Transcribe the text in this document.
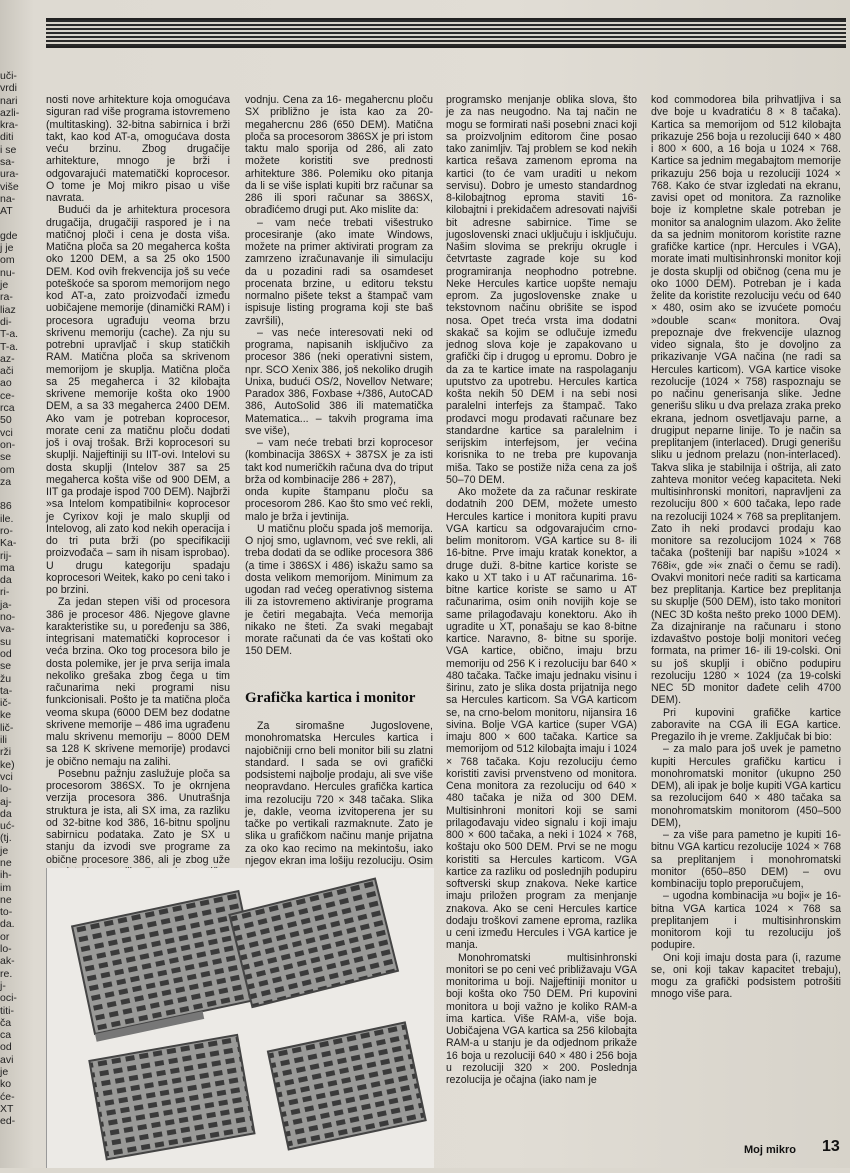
uči-
vrdi
nari
azli-
kra-
diti
i se
sa-
ura-
više
na-
AT

gde
j je
om
nu-
je
ra-
liaz
di-
T-a.
T-a.
az-
ači
ao
ce-
rca
50
vci
on-
se
om
za

86
ile.
ro-
Ka-
rij-
ma
da
ri-
ja-
no-
va-
su
od
se
žu
ta-
ič-
ke
lič-
ili
rži
ke)
vci
lo-
aj-
da
uć-
(tj.
je
ne
ih-
im
ne
to-
da.
or
lo-
ak-
re.
j-
oci-
titi-
ča
ca
od
avi
je
ko
će-
XT
ed-

nosti nove arhitekture koja omogućava siguran rad više programa istovremeno (multitasking). 32-bitna sabirnica i brži takt, kao kod AT-a, omogućava dosta veću brzinu. Zbog drugačije arhitekture, mnogo je brži i odgovarajući matematički koprocesor. O tome je Moj mikro pisao u više navrata.

Budući da je arhitektura procesora drugačija, drugačiji raspored je i na matičnoj ploči i cena je dosta viša. Matična ploča sa 20 megaherca košta oko 1200 DEM, a sa 25 oko 1500 DEM. Kod ovih frekvencija još su veće poteškoće sa sporom memorijom nego kod AT-a, zato proizvođači između uobičajene memorije (dinamički RAM) i procesora ugrađuju veoma brzu skrivenu memoriju (cache). Za nju su potrebni upravljač i skup statičkih RAM. Matična ploča sa skrivenom memorijom je skuplja. Matična ploča sa 25 megaherca i 32 kilobajta skrivene memorije košta oko 1900 DEM, a sa 33 megaherca 2400 DEM. Ako vam je potreban koprocesor, morate ceni za matičnu ploču dodati još i ovaj trošak. Brži koprocesori su skuplji. Najjeftiniji su IIT-ovi. Intelovi su dosta skuplji (Intelov 387 sa 25 megaherca košta više od 900 DEM, a IIT ga prodaje ispod 700 DEM). Najbrži »sa Intelom kompatibilni« koprocesor je Cyrixov koji je malo skuplji od Intelovog, ali zato kod nekih operacija i do tri puta brži (po specifikaciji proizvođača – sam ih nisam isprobao). U drugu kategoriju spadaju koprocesori Weitek, kako po ceni tako i po brzini.

Za jedan stepen viši od procesora 386 je procesor 486. Njegove glavne karakteristike su, u poređenju sa 386, integrisani matematički koprocesor i veća brzina. Oko tog procesora bilo je dosta polemike, jer je prva serija imala nekoliko grešaka zbog čega u tim računarima neki programi nisu funkcionisali. Pošto je ta matična ploča veoma skupa (6000 DEM bez dodatne skrivene memorije – 486 ima ugrađenu malu skrivenu memoriju – 8000 DEM sa 128 K skrivene memorije) prodavci je obično nemaju na zalihi.

Posebnu pažnju zaslužuje ploča sa procesorom 386SX. To je okrnjena verzija procesora 386. Unutrašnja struktura je ista, ali SX ima, za razliku od 32-bitne kod 386, 16-bitnu spoljnu sabirnicu podataka. Zato je SX u stanju da izvodi sve programe za obične procesore 386, ali je zbog uže

vodnju. Cena za 16- megahercnu ploču SX približno je ista kao za 20-megahercnu 286 (650 DEM). Matična ploča sa procesorom 386SX je pri istom taktu malo sporija od 286, ali zato možete koristiti sve prednosti arhitekture 386. Polemiku oko pitanja da li se više isplati kupiti brz računar sa 286 ili spori računar sa 386SX, obrađićemo drugi put. Ako mislite da:

– vam neće trebati višestruko procesiranje (ako imate Windows, možete na primer aktivirati program za zamrzeno izračunavanje ili simulaciju da u pozadini radi sa osamdeset procenata brzine, u editoru tekstu normalno pišete tekst a štampač vam ispisuje listing programa koji ste baš završili),

– vas neće interesovati neki od programa, napisanih isključivo za procesor 386 (neki operativni sistem, npr. SCO Xenix 386, još nekoliko drugih Unixa, budući OS/2, Novellov Netware; Paradox 386, Foxbase +/386, AutoCAD 386, AutoSolid 386 ili matematička Matematica... – takvih programa ima sve više),

– vam neće trebati brzi koprocesor (kombinacija 386SX + 387SX je za isti takt kod numeričkih računa dva do triput brža od kombinacije 286 + 287),

onda kupite štampanu ploču sa procesorom 286. Kao što smo već rekli, malo je brža i jevtinija.

U matičnu ploču spada još memorija. O njoj smo, uglavnom, već sve rekli, ali treba dodati da se odlike procesora 386 (a time i 386SX i 486) iskažu samo sa dosta velikom memorijom. Minimum za ugodan rad većeg operativnog sistema ili za istovremeno aktiviranje programa je četiri megabajta. Veća memorija nikako ne šteti. Za svaki megabajt morate računati da će vas koštati oko 150 DEM.

Grafička kartica i monitor

Za siromašne Jugoslovene, monohromatska Hercules kartica i najobičniji crno beli monitor bili su zlatni standard. I sada se ovi grafički podsistemi najbolje prodaju, ali sve više neopravdano. Hercules grafička kartica ima rezoluciju 720 × 348 tačaka. Slika je, dakle, veoma izvitoperena jer su tačke po vertikali razmaknute. Zato je slika u grafičkom načinu manje prijatna za oko kao recimo na mekintošu, iako njegov ekran ima lošiju rezoluciju. Osim

programsko menjanje oblika slova, što je za nas neugodno. Na taj način ne mogu se formirati naši posebni znaci koji sa proizvoljnim editorom čine posao tako zanimljiv. Taj problem se kod nekih kartica rešava zamenom eproma na kartici (to će vam uraditi u nekom servisu). Dobro je umesto standardnog 8-kilobajtnog eproma staviti 16- kilobajtni i prekidačem adresovati najviši bit adresne sabirnice. Time se jugoslovenski znaci uključuju i isključuju. Našim slovima se prekriju okrugle i četvrtaste zagrade koje su kod programiranja neophodno potrebne. Neke Hercules kartice uopšte nemaju eprom. Za jugoslovenske znake u tekstovnom načinu obrišite se ispod nosa. Opet treća vrsta ima dodatni skakač sa kojim se odlučuje između jednog slova koje je zapakovano u grafički čip i drugog u epromu. Dobro je da za te kartice imate na raspolaganju uputstvo za upotrebu. Hercules kartica košta nekih 50 DEM i na sebi nosi paralelni interfejs za štampač. Tako prodavci mogu prodavati računare bez standardne kartice sa paralelnim i serijskim interfejsom, jer većina korisnika to ne treba pre kupovanja miša. Tako se postiže niža cena za još 50–70 DEM.

Ako možete da za računar reskirate dodatnih 200 DEM, možete umesto Hercules kartice i monitora kupiti pravu VGA karticu sa odgovarajućim crno-belim monitorom. VGA kartice su 8- ili 16-bitne. Prve imaju kratak konektor, a druge duži. 8-bitne kartice koriste se kako u XT tako i u AT računarima. 16-bitne kartice koriste se samo u AT računarima, osim onih novijih koje se same prilagođavaju konektoru. Ako ih ugradite u XT, ponašaju se kao 8-bitne kartice. Naravno, 8- bitne su sporije. VGA kartice, obično, imaju brzu memoriju od 256 K i rezoluciju bar 640 × 480 tačaka. Tačke imaju jednaku visinu i širinu, zato je slika dosta prijatnija nego sa Hercules karticom. Sa VGA karticom se, na crno-belom monitoru, nijansira 16 sivina. Bolje VGA kartice (super VGA) imaju 800 × 600 tačaka. Kartice sa memorijom od 512 kilobajta imaju i 1024 × 768 tačaka. Koju rezoluciju ćemo koristiti zavisi prvenstveno od monitora. Cena monitora za rezoluciju od 640 × 480 tačaka je niža od 300 DEM. Multisinhroni monitori koji se sami prilagođavaju video signalu i koji imaju 800 × 600 tačaka, a neki i 1024 × 768, koštaju oko 500 DEM. Prvi se ne mogu koristiti sa Hercules karticom. VGA kartice za razliku od poslednjih podupiru softverski skup znakova. Neke kartice imaju priložen program za menjanje znakova. Ako se ceni Hercules kartice dodaju troškovi zamene eproma, razlika u ceni između Hercules i VGA kartice je manja.

Monohromatski multisinhronski monitori se po ceni već približavaju VGA monitorima u boji. Najjeftiniji monitor u boji košta oko 750 DEM. Pri kupovini monitora u boji važno je koliko RAM-a ima kartica. Više RAM-a, više boja. Uobičajena VGA kartica sa 256 kilobajta RAM-a u stanju je da odjednom prikaže 16 boja u rezoluciji 640 × 480 i 256 boja u rezoluciji 320 × 200. Poslednja rezolucija je očajna (iako nam je

kod commodorea bila prihvatljiva i sa dve boje u kvadratiću 8 × 8 tačaka). Kartica sa memorijom od 512 kilobajta prikazuje 256 boja u rezoluciji 640 × 480 i 800 × 600, a 16 boja u 1024 × 768. Kartice sa jednim megabajtom memorije prikazuju 256 boja u rezoluciji 1024 × 768. Kako će stvar izgledati na ekranu, zavisi opet od monitora. Za raznolike boje iz kompletne skale potreban je monitor sa analognim ulazom. Ako želite da sa jednim monitorom koristite razne grafičke kartice (npr. Hercules i VGA), morate imati multisinhronski monitor koji je dosta skuplji od običnog (cena mu je oko 1000 DEM). Potreban je i kada želite da koristite rezoluciju veću od 640 × 480, osim ako se izvućete pomoću »double scan« monitora. Ovaj prepoznaje dve frekvencije ulaznog video signala, što je dovoljno za prikazivanje VGA načina (ne radi sa Hercules karticom). VGA kartice visoke rezolucije (1024 × 758) raspoznaju se po načinu generisanja slike. Jedne generišu sliku u dva prelaza zraka preko ekrana, jednom osvetljavaju parne, a drugiput neparne linije. To je način sa preplitanjem (interlaced). Drugi generišu sliku u jednom prelazu (non-interlaced). Takva slika je stabilnija i oštrija, ali zato zahteva monitor većeg kapaciteta. Neki multisinhronski monitori, napravljeni za rezoluciju 800 × 600 tačaka, lepo rade na rezoluciji 1024 × 768 sa preplitanjem. Zato ih neki prodavci prodaju kao monitore sa rezolucijom 1024 × 768 tačaka (pošteniji bar napišu »1024 × 768i«, gde »i« znači o čemu se radi). Ovakvi monitori neće raditi sa karticama bez preplitanja. Kartice bez preplitanja su skuplje (500 DEM), isto tako monitori (NEC 3D košta nešto preko 1000 DEM). Za dizajniranje na računaru i stono izdavaštvo postoje bolji monitori većeg formata, na primer 16- ili 19-colski. Oni su još skuplji i obično podupiru rezoluciju 1280 × 1024 (za 19-colski NEC 5D monitor dađete celih 4700 DEM).

Pri kupovini grafičke kartice zaboravite na CGA ili EGA kartice. Pregazilo ih je vreme. Zaključak bi bio:

– za malo para još uvek je pametno kupiti Hercules grafičku karticu i monohromatski monitor (ukupno 250 DEM), ali ipak je bolje kupiti VGA karticu sa rezolucijom 640 × 480 tačaka sa monohromatskim monitorom (450–500 DEM),

– za više para pametno je kupiti 16-bitnu VGA karticu rezolucije 1024 × 768 sa preplitanjem i monohromatski monitor (650–850 DEM) – ovu kombinaciju toplo preporučujem,

– ugodna kombinacija »u boji« je 16-bitna VGA kartica 1024 × 768 sa preplitanjem i multisinhronskim monitorom koji tu rezoluciju još podupire.

Oni koji imaju dosta para (i, razume se, oni koji takav kapacitet trebaju), mogu za grafički podsistem potrošiti mnogo više para.

Moj mikro 13
